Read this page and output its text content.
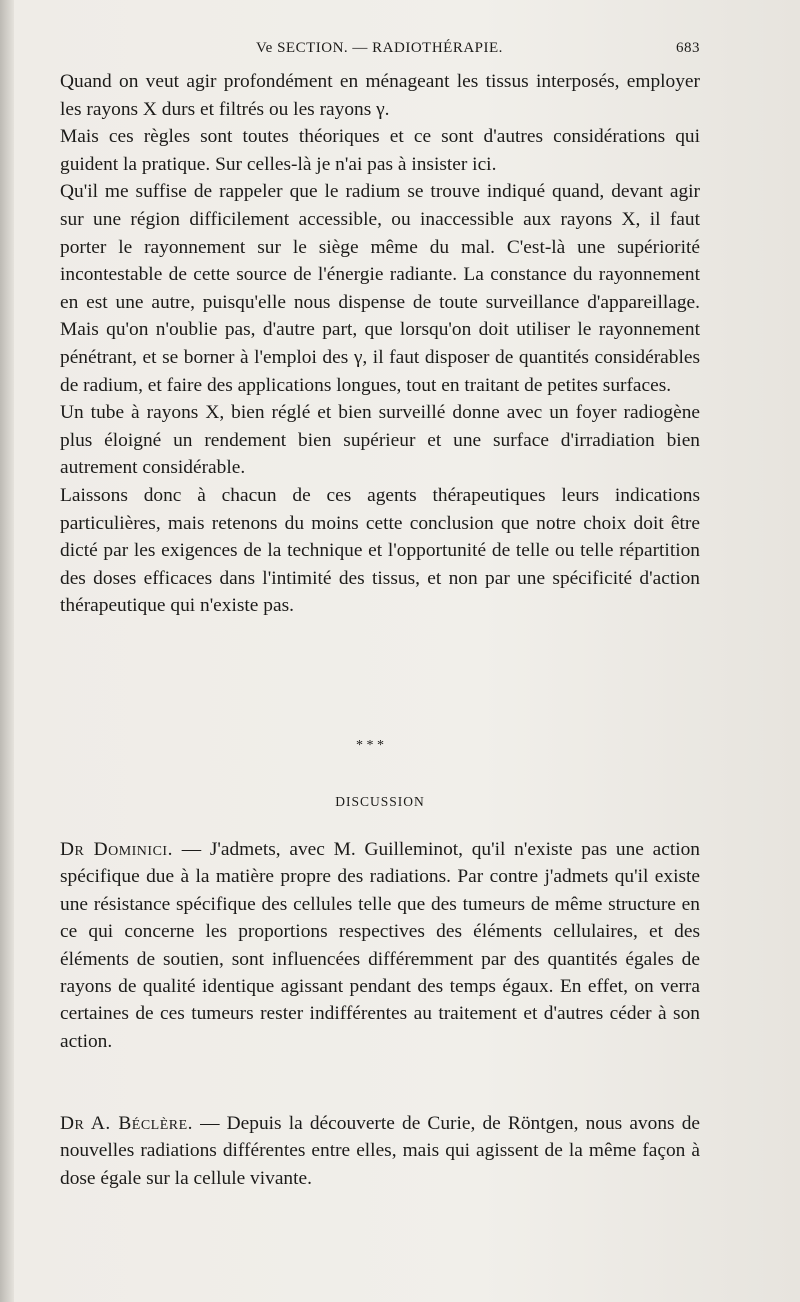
Ve SECTION. — RADIOTHÉRAPIE.	683

Quand on veut agir profondément en ménageant les tissus interposés, employer les rayons X durs et filtrés ou les rayons γ.

Mais ces règles sont toutes théoriques et ce sont d'autres considérations qui guident la pratique. Sur celles-là je n'ai pas à insister ici.

Qu'il me suffise de rappeler que le radium se trouve indiqué quand, devant agir sur une région difficilement accessible, ou inaccessible aux rayons X, il faut porter le rayonnement sur le siège même du mal. C'est-là une supériorité incontestable de cette source de l'énergie radiante. La constance du rayonnement en est une autre, puisqu'elle nous dispense de toute surveillance d'appareillage. Mais qu'on n'oublie pas, d'autre part, que lorsqu'on doit utiliser le rayonnement pénétrant, et se borner à l'emploi des γ, il faut disposer de quantités considérables de radium, et faire des applications longues, tout en traitant de petites surfaces.

Un tube à rayons X, bien réglé et bien surveillé donne avec un foyer radiogène plus éloigné un rendement bien supérieur et une surface d'irradiation bien autrement considérable.

Laissons donc à chacun de ces agents thérapeutiques leurs indications particulières, mais retenons du moins cette conclusion que notre choix doit être dicté par les exigences de la technique et l'opportunité de telle ou telle répartition des doses efficaces dans l'intimité des tissus, et non par une spécificité d'action thérapeutique qui n'existe pas.

* * *
DISCUSSION

Dr Dominici. — J'admets, avec M. Guilleminot, qu'il n'existe pas une action spécifique due à la matière propre des radiations. Par contre j'admets qu'il existe une résistance spécifique des cellules telle que des tumeurs de même structure en ce qui concerne les proportions respectives des éléments cellulaires, et des éléments de soutien, sont influencées différemment par des quantités égales de rayons de qualité identique agissant pendant des temps égaux. En effet, on verra certaines de ces tumeurs rester indifférentes au traitement et d'autres céder à son action.

Dr A. Béclère. — Depuis la découverte de Curie, de Röntgen, nous avons de nouvelles radiations différentes entre elles, mais qui agissent de la même façon à dose égale sur la cellule vivante.
